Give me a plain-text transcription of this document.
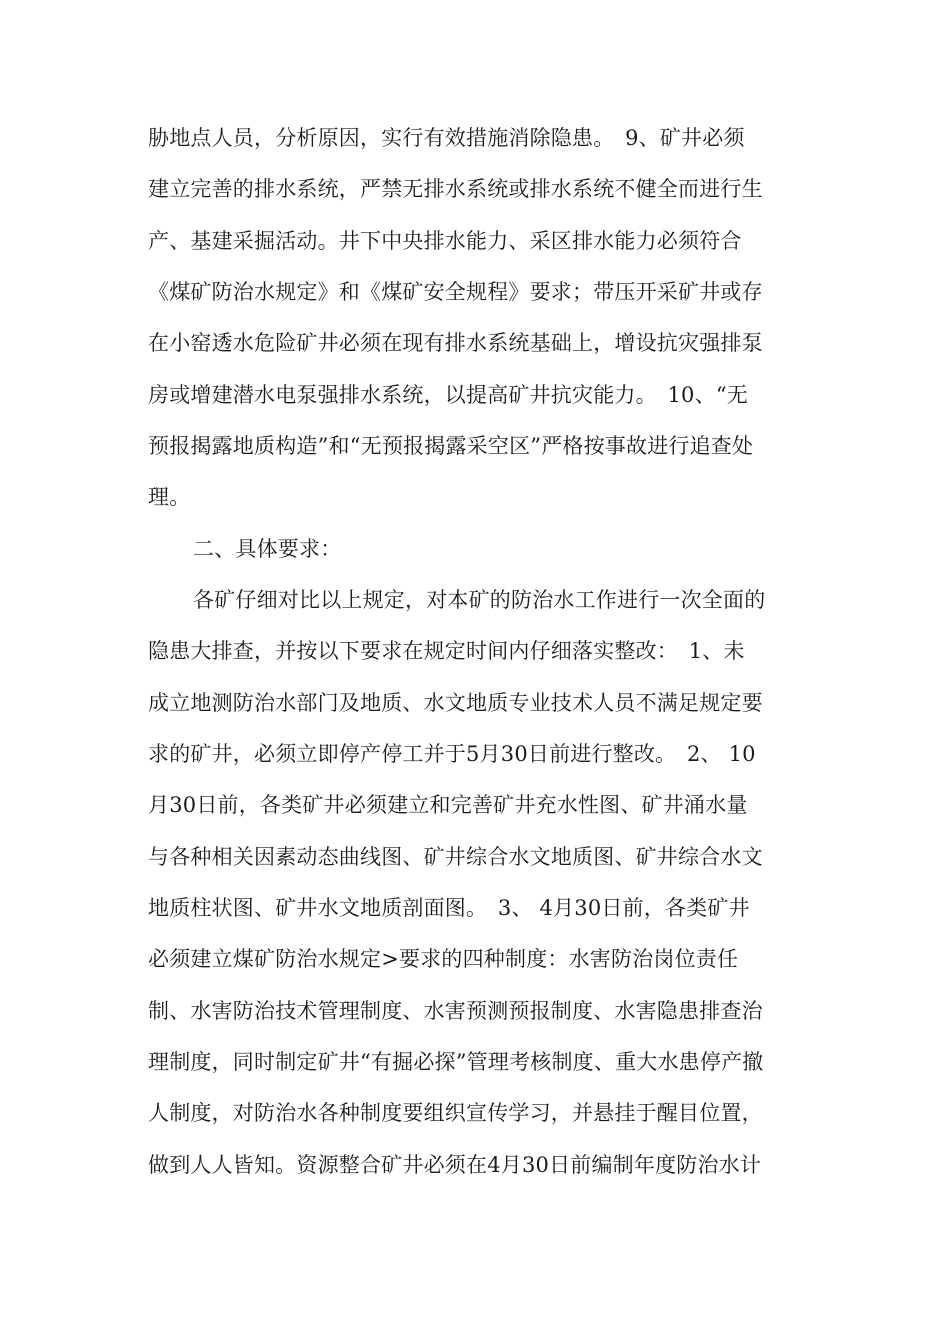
胁地点人员，分析原因，实行有效措施消除隐患。　9、矿井必须
建立完善的排水系统，严禁无排水系统或排水系统不健全而进行生
产、基建采掘活动。井下中央排水能力、采区排水能力必须符合
《煤矿防治水规定》和《煤矿安全规程》要求；带压开采矿井或存
在小窑透水危险矿井必须在现有排水系统基础上，增设抗灾强排泵
房或增建潜水电泵强排水系统，以提高矿井抗灾能力。　10、“无
预报揭露地质构造”和“无预报揭露采空区”严格按事故进行追查处
理。
二、具体要求：
各矿仔细对比以上规定，对本矿的防治水工作进行一次全面的
隐患大排查，并按以下要求在规定时间内仔细落实整改：　1、未
成立地测防治水部门及地质、水文地质专业技术人员不满足规定要
求的矿井，必须立即停产停工并于5月30日前进行整改。　2、 10
月30日前，各类矿井必须建立和完善矿井充水性图、矿井涌水量
与各种相关因素动态曲线图、矿井综合水文地质图、矿井综合水文
地质柱状图、矿井水文地质剖面图。　3、 4月30日前，各类矿井
必须建立煤矿防治水规定>要求的四种制度：水害防治岗位责任
制、水害防治技术管理制度、水害预测预报制度、水害隐患排查治
理制度，同时制定矿井“有掘必探”管理考核制度、重大水患停产撤
人制度，对防治水各种制度要组织宣传学习，并悬挂于醒目位置，
做到人人皆知。资源整合矿井必须在4月30日前编制年度防治水计
